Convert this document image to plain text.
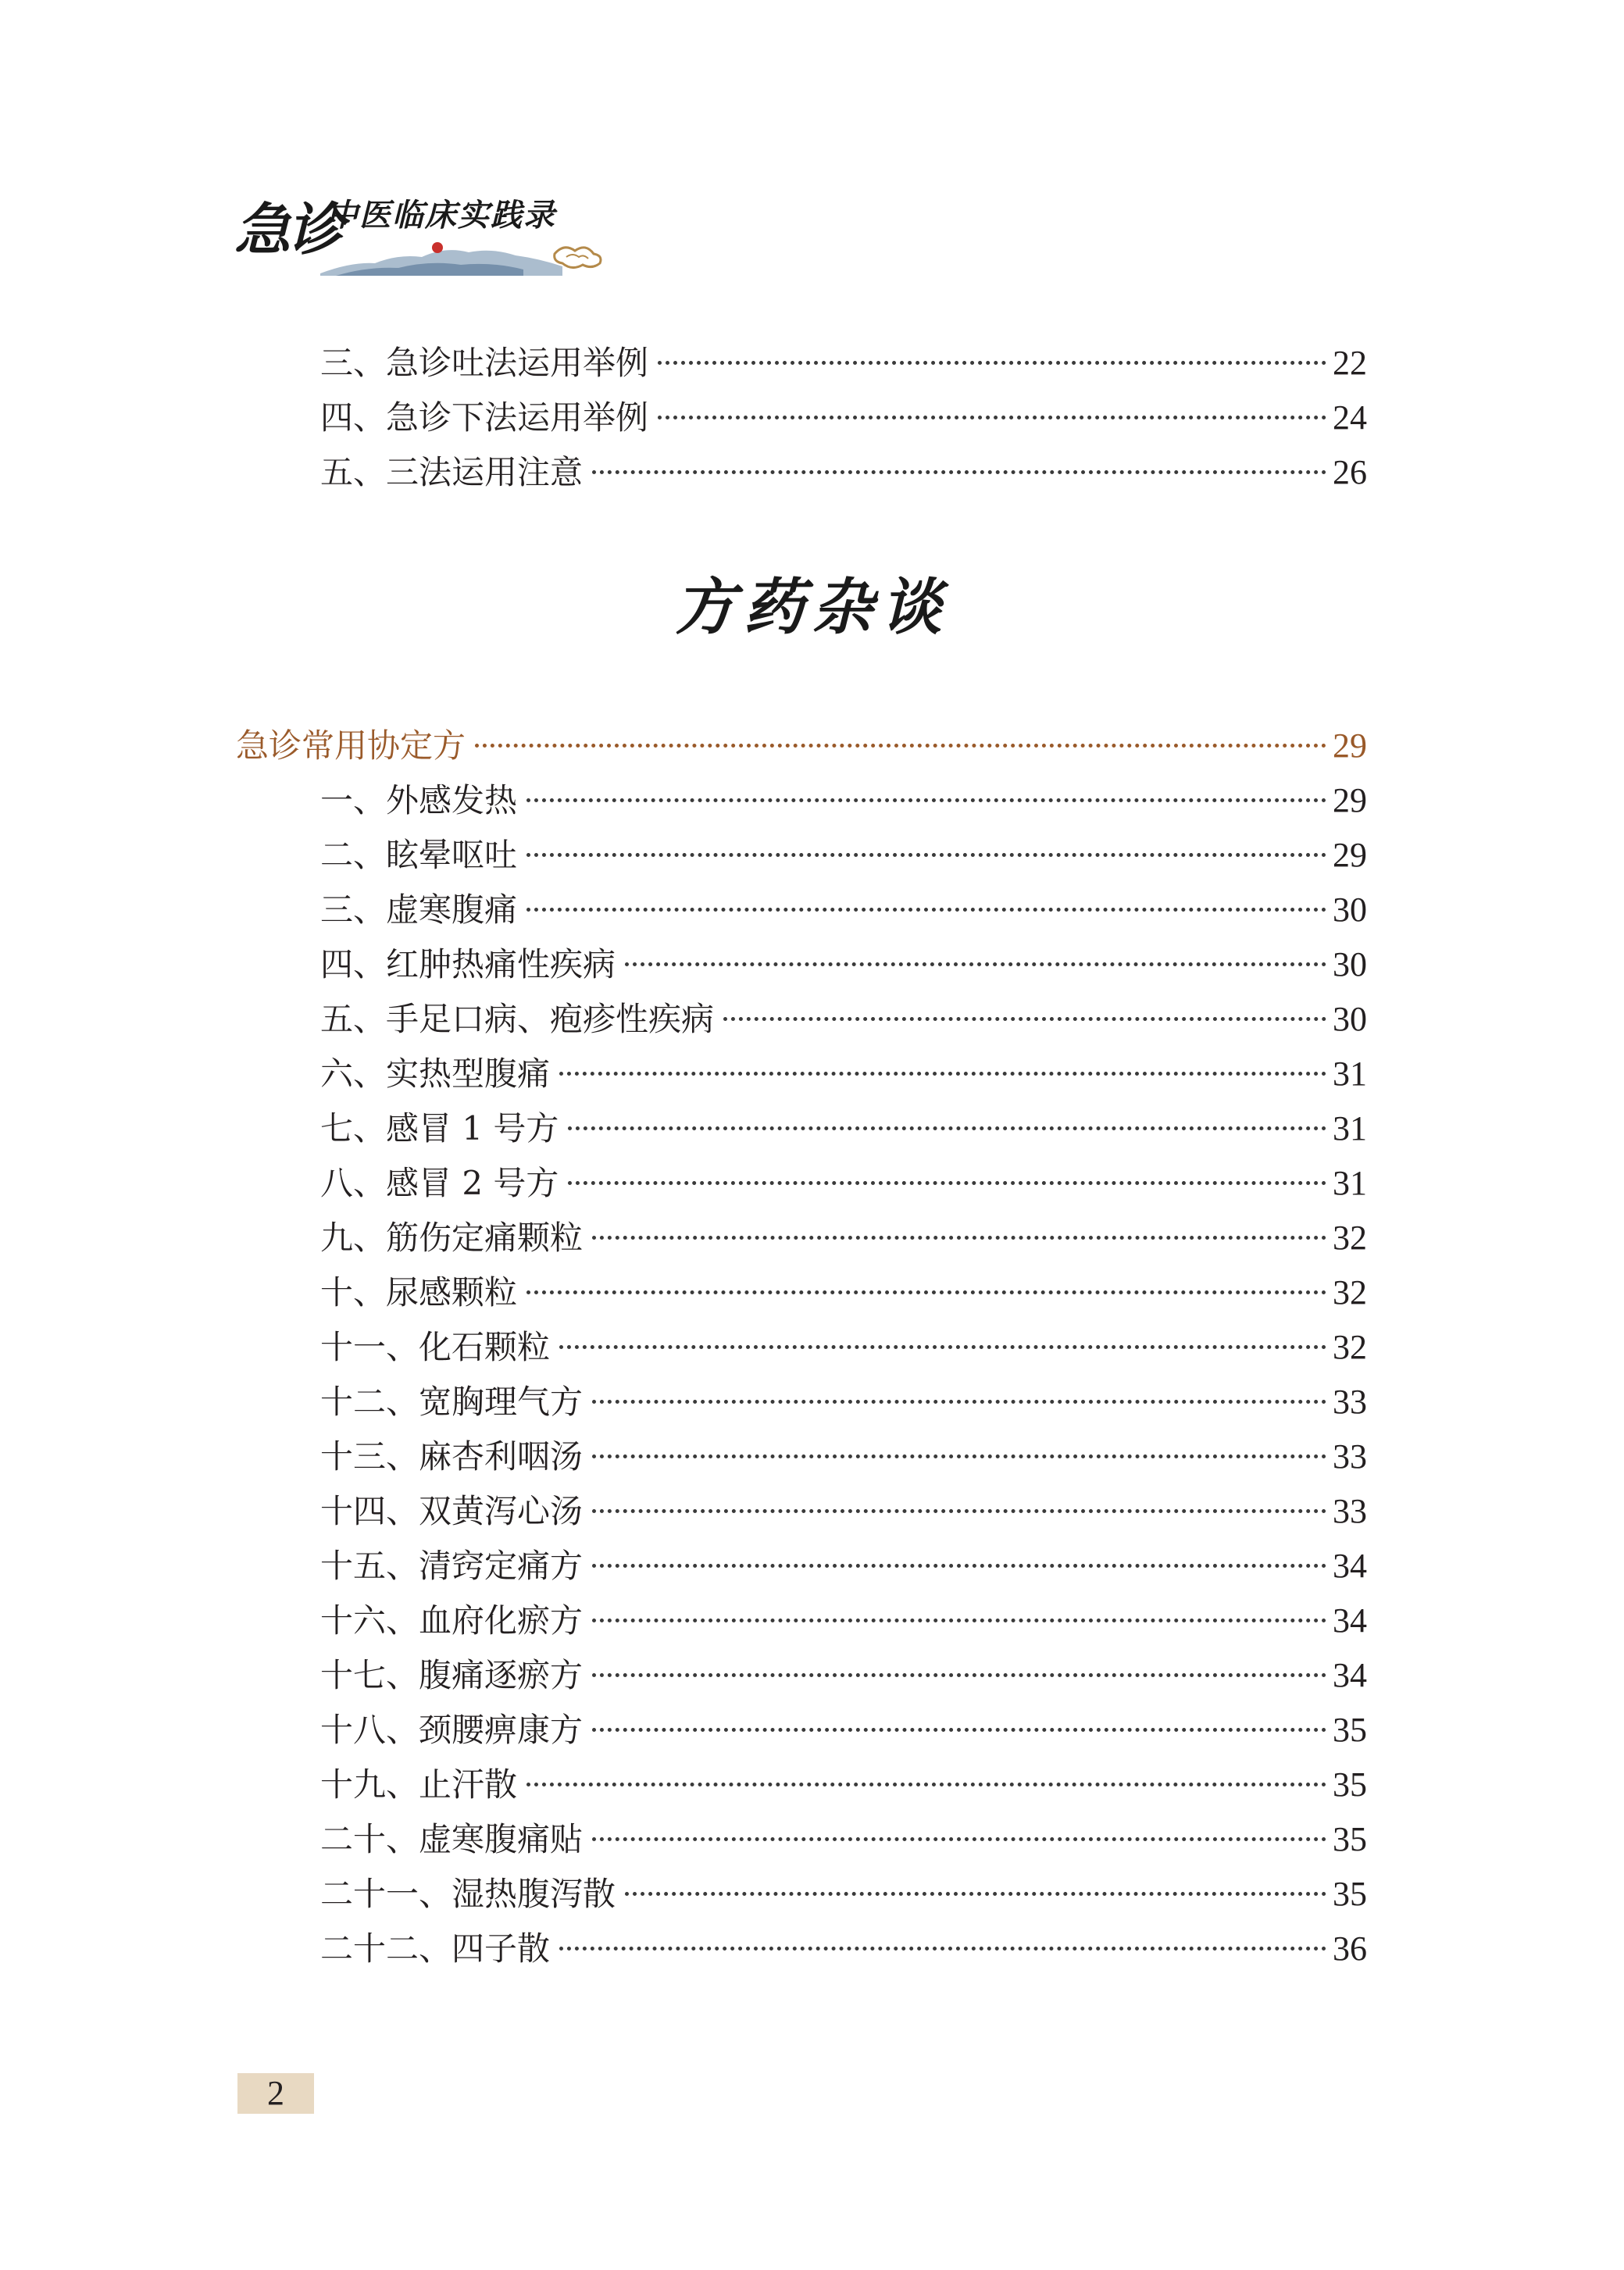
急诊
中医临床实践录
三、急诊吐法运用举例	22
四、急诊下法运用举例	24
五、三法运用注意	26
方药杂谈
急诊常用协定方	29
一、外感发热	29
二、眩晕呕吐	29
三、虚寒腹痛	30
四、红肿热痛性疾病	30
五、手足口病、疱疹性疾病	30
六、实热型腹痛	31
七、感冒 1 号方	31
八、感冒 2 号方	31
九、筋伤定痛颗粒	32
十、尿感颗粒	32
十一、化石颗粒	32
十二、宽胸理气方	33
十三、麻杏利咽汤	33
十四、双黄泻心汤	33
十五、清窍定痛方	34
十六、血府化瘀方	34
十七、腹痛逐瘀方	34
十八、颈腰痹康方	35
十九、止汗散	35
二十、虚寒腹痛贴	35
二十一、湿热腹泻散	35
二十二、四子散	36
2
